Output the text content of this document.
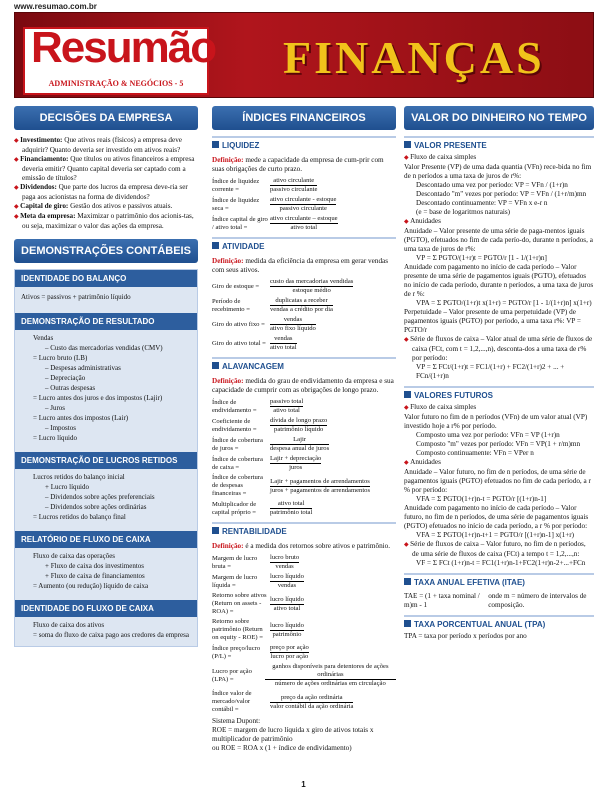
www.resumao.com.br
Resumão
ADMINISTRAÇÃO & NEGÓCIOS - 5
FINANÇAS
DECISÕES DA EMPRESA
◆ Investimento: Que ativos reais (físicos) a empresa deve adquirir? Quanto deveria ser investido em ativos reais?
◆ Financiamento: Que títulos ou ativos financeiros a empresa deveria emitir? Quanto capital deveria ser captado com a emissão de títulos?
◆ Dividendos: Que parte dos lucros da empresa deve-ria ser paga aos acionistas na forma de dividendos?
◆ Capital de giro: Gestão dos ativos e passivos atuais.
◆ Meta da empresa: Maximizar o patrimônio dos acionis-tas, ou seja, maximizar o valor das ações da empresa.
DEMONSTRAÇÕES CONTÁBEIS
IDENTIDADE DO BALANÇO
Ativos = passivos + patrimônio líquido
DEMONSTRAÇÃO DE RESULTADO
Vendas
– Custo das mercadorias vendidas (CMV)
= Lucro bruto (LB)
– Despesas administrativas
– Depreciação
– Outras despesas
= Lucro antes dos juros e dos impostos (Lajir)
– Juros
= Lucro antes dos impostos (Lair)
– Impostos
= Lucro líquido
DEMONSTRAÇÃO DE LUCROS RETIDOS
Lucros retidos do balanço inicial
+ Lucro líquido
– Dividendos sobre ações preferenciais
– Dividendos sobre ações ordinárias
= Lucros retidos do balanço final
RELATÓRIO DE FLUXO DE CAIXA
Fluxo de caixa das operações
+ Fluxo de caixa dos investimentos
+ Fluxo de caixa de financiamentos
= Aumento (ou redução) líquido de caixa
IDENTIDADE DO FLUXO DE CAIXA
Fluxo de caixa dos ativos
= soma do fluxo de caixa pago aos credores da empresa
ÍNDICES FINANCEIROS
LIQUIDEZ
Definição: mede a capacidade da empresa de cum-prir com suas obrigações de curto prazo.
Índice de liquidez corrente =
ativo circulante
passivo circulante
Índice de liquidez seca =
ativo circulante - estoque
passivo circulante
Índice capital de giro / ativo total =
ativo circulante – estoque
ativo total
ATIVIDADE
Definição: medida da eficiência da empresa em gerar vendas com seus ativos.
Giro de estoque =
custo das mercadorias vendidas
estoque médio
Período de recebimento =
duplicatas a receber
vendas a crédito por dia
Giro do ativo fixo =
vendas
ativo fixo líquido
Giro do ativo total =
vendas
ativo total
ALAVANCAGEM
Definição: medida do grau de endividamento da empresa e sua capacidade de cumprir com as obrigações de longo prazo.
Índice de endividamento =
passivo total
ativo total
Coeficiente de endividamento =
dívida de longo prazo
patrimônio líquido
Índice de cobertura de juros =
Lajir
despesa anual de juros
Índice de cobertura de caixa =
Lajir + depreciação
juros
Índice de cobertura de despesas financeiras =
Lajir + pagamentos de arrendamentos
juros + pagamentos de arrendamentos
Multiplicador de capital próprio =
ativo total
patrimônio total
RENTABILIDADE
Definição: é a medida dos retornos sobre ativos e patrimônio.
Margem de lucro bruta =
lucro bruto
vendas
Margem de lucro líquida =
lucro líquido
vendas
Retorno sobre ativos (Return on assets - ROA) =
lucro líquido
ativo total
Retorno sobre patrimônio (Return on equity - ROE) =
lucro líquido
patrimônio
Índice preço/lucro (P/L) =
preço por ação
lucro por ação
Lucro por ação (LPA) =
ganhos disponíveis para detentores de ações ordinárias
número de ações ordinárias em circulação
Índice valor de mercado/valor contábil =
preço da ação ordinária
valor contábil da ação ordinária
Sistema Dupont:
ROE = margem de lucro líquida x giro de ativos totais x multiplicador de patrimônio
ou ROE = ROA x (1 + índice de endividamento)
VALOR DO DINHEIRO NO TEMPO
VALOR PRESENTE
◆ Fluxo de caixa simples
Valor Presente (VP) de uma dada quantia (VFn) rece-bida no fim de n períodos a uma taxa de juros de r%:
Descontado uma vez por período: VP = VFn / (1+r)n
Descontado "m" vezes por período: VP = VFn / (1+r/m)mn
Descontado continuamente: VP = VFn x e-r n
(e = base de logaritmos naturais)
◆ Anuidades
Anuidade – Valor presente de uma série de paga-mentos iguais (PGTO), efetuados no fim de cada perío-do, durante n períodos, a uma taxa de juros de r%:
VP = Σ PGTO/(1+r)t = PGTO/r [1 - 1/(1+r)n]
Anuidade com pagamento no início de cada período – Valor presente de uma série de pagamentos iguais (PGTO), efetuados no início de cada período, durante n períodos, a uma taxa de juros de r %:
VPA = Σ PGTO/(1+r)t x(1+r) = PGTO/r [1 - 1/(1+r)n] x(1+r)
Perpetuidade – Valor presente de uma perpetuidade (VP) de pagamentos iguais (PGTO) por período, a uma taxa r%: VP = PGTO/r
◆ Série de fluxos de caixa – Valor atual de uma série de fluxos de caixa (FCt, com t = 1,2,...,n), desconta-dos a uma taxa de r% por período:
VP = Σ FCt/(1+r)t = FC1/(1+r) + FC2/(1+r)2 + ... + FCn/(1+r)n
VALORES FUTUROS
◆ Fluxo de caixa simples
Valor futuro no fim de n períodos (VFn) de um valor atual (VP) investido hoje a r% por período.
Composto uma vez por período: VFn = VP (1+r)n
Composto "m" vezes por período: VFn = VP(1 + r/m)mn
Composto continuamente: VFn = VPer n
◆ Anuidades
Anuidade – Valor futuro, no fim de n períodos, de uma série de pagamentos iguais (PGTO) efetuados no fim de cada período, a r % por período:
VFA = Σ PGTO(1+r)n-t = PGTO/r [(1+r)n-1]
Anuidade com pagamento no início de cada período – Valor futuro, no fim de n períodos, de uma série de pagamentos iguais (PGTO) efetuados no início de cada período, a r % por período:
VFA = Σ PGTO(1+r)n-t+1 = PGTO/r [(1+r)n-1] x(1+r)
◆ Série de fluxos de caixa – Valor futuro, no fim de n períodos, de uma série de fluxos de caixa (FCt) a tempo t = 1,2,...,n:
VF = Σ FCt (1+r)n-t = FC1(1+r)n-1+FC2(1+r)n-2+...+FCn
TAXA ANUAL EFETIVA (ITAE)
TAE = (1 + taxa nominal / m)m - 1
onde m = número de intervalos de composição.
TAXA PORCENTUAL ANUAL (TPA)
TPA = taxa por período x períodos por ano
1
